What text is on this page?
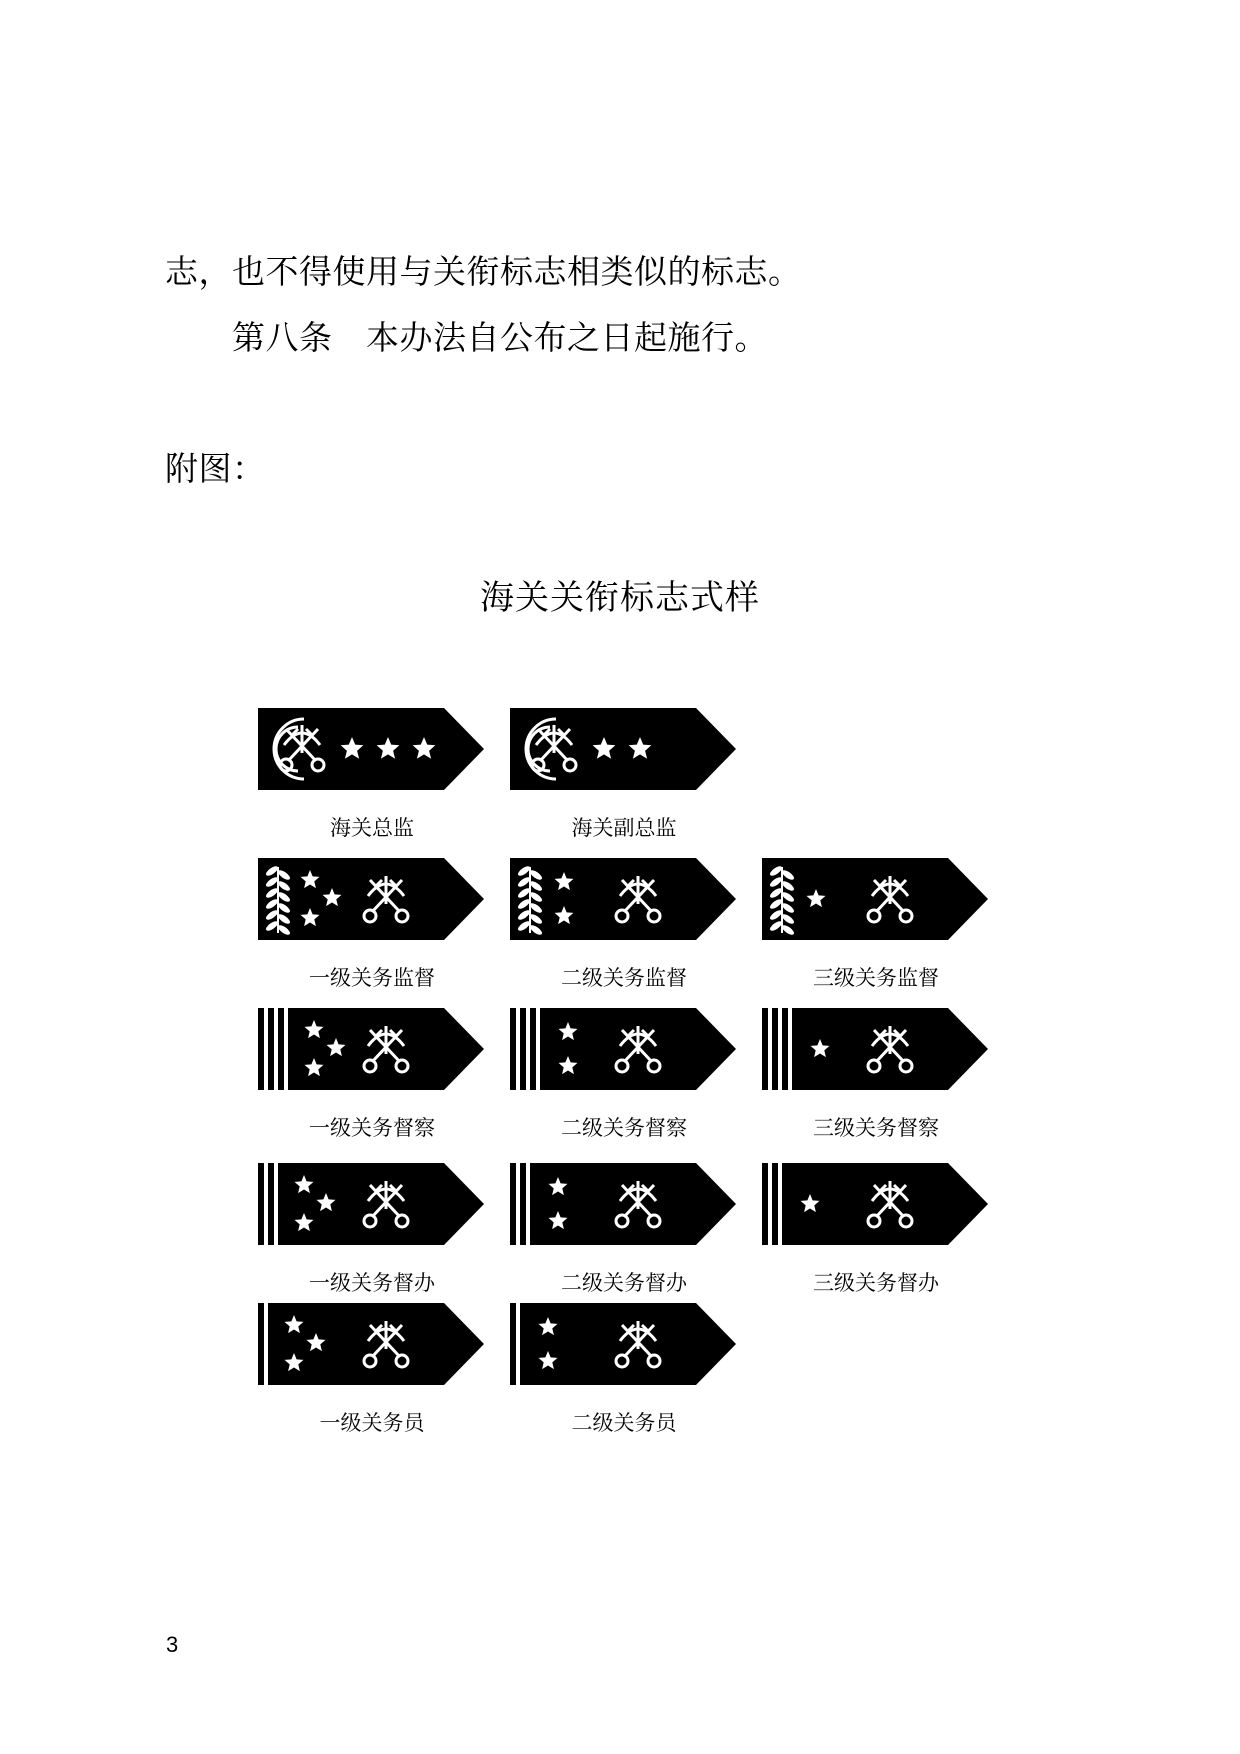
志，也不得使用与关衔标志相类似的标志。
第八条　本办法自公布之日起施行。
附图：
海关关衔标志式样
海关总监	海关副总监
一级关务监督	二级关务监督	三级关务监督
一级关务督察	二级关务督察	三级关务督察
一级关务督办	二级关务督办	三级关务督办
一级关务员	二级关务员
3
